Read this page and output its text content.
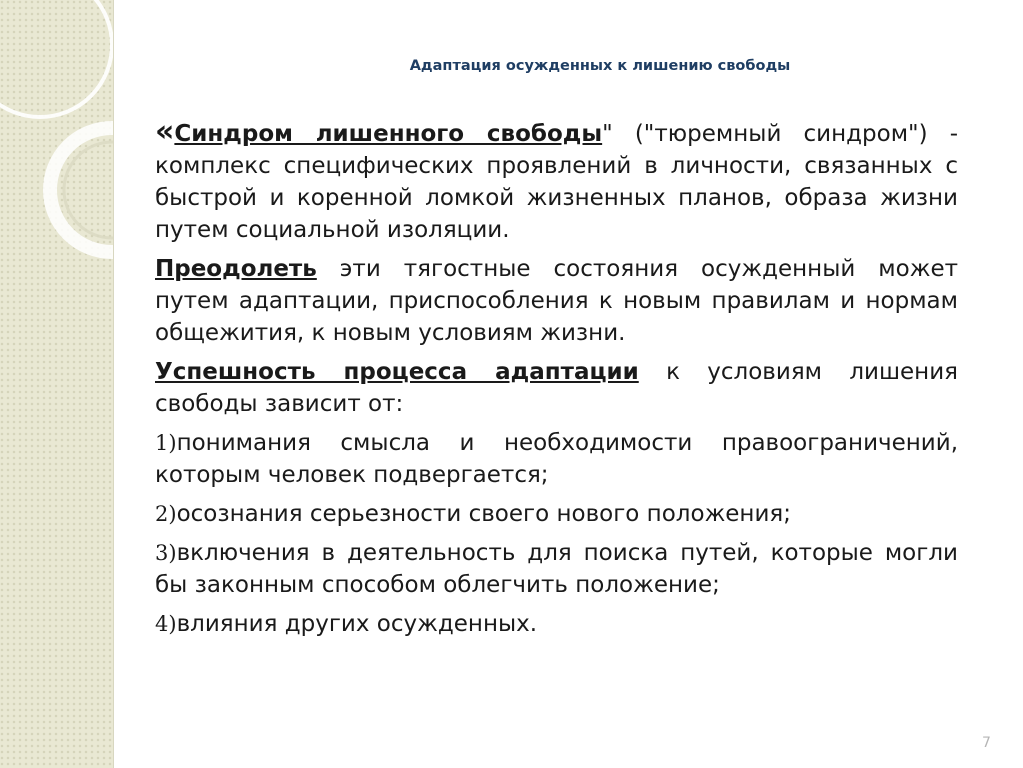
Адаптация осужденных к лишению свободы

«Синдром лишенного свободы" ("тюремный синдром") - комплекс специфических проявлений в личности, связанных с быстрой и коренной ломкой жизненных планов, образа жизни путем социальной изоляции.

Преодолеть эти тягостные состояния осужденный может путем адаптации, приспособления к новым правилам и нормам общежития, к новым условиям жизни.

Успешность процесса адаптации к условиям лишения свободы зависит от:

1)понимания смысла и необходимости правоограничений, которым человек подвергается;

2)осознания серьезности своего нового положения;

3)включения в деятельность для поиска путей, которые могли бы законным способом облегчить положение;

4)влияния других осужденных.

7
